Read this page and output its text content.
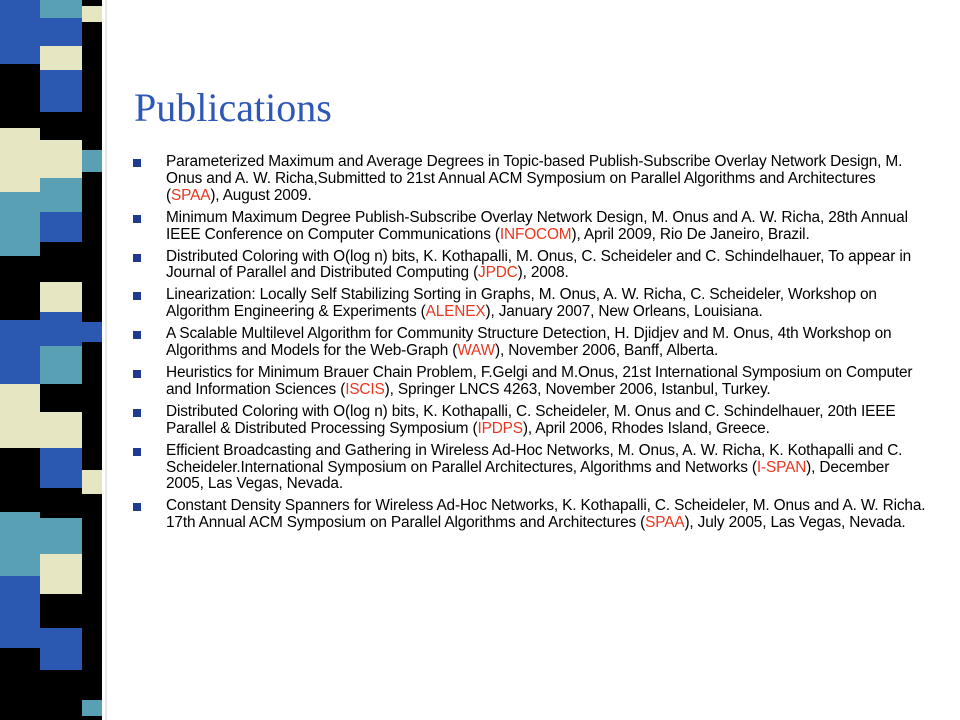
Publications
Parameterized Maximum and Average Degrees in Topic-based Publish-Subscribe Overlay Network Design, M. Onus and A. W. Richa,Submitted to 21st Annual ACM Symposium on Parallel Algorithms and Architectures (SPAA), August 2009.
Minimum Maximum Degree Publish-Subscribe Overlay Network Design, M. Onus and A. W. Richa, 28th Annual IEEE Conference on Computer Communications (INFOCOM), April 2009, Rio De Janeiro, Brazil.
Distributed Coloring with O(log n) bits, K. Kothapalli, M. Onus, C. Scheideler and C. Schindelhauer, To appear in Journal of Parallel and Distributed Computing (JPDC), 2008.
Linearization: Locally Self Stabilizing Sorting in Graphs, M. Onus, A. W. Richa, C. Scheideler, Workshop on Algorithm Engineering & Experiments (ALENEX), January 2007, New Orleans, Louisiana.
A Scalable Multilevel Algorithm for Community Structure Detection, H. Djidjev and M. Onus, 4th Workshop on Algorithms and Models for the Web-Graph (WAW), November 2006, Banff, Alberta.
Heuristics for Minimum Brauer Chain Problem, F.Gelgi and M.Onus, 21st International Symposium on Computer and Information Sciences (ISCIS), Springer LNCS 4263, November 2006, Istanbul, Turkey.
Distributed Coloring with O(log n) bits, K. Kothapalli, C. Scheideler, M. Onus and C. Schindelhauer, 20th IEEE Parallel & Distributed Processing Symposium (IPDPS), April 2006, Rhodes Island, Greece.
Efficient Broadcasting and Gathering in Wireless Ad-Hoc Networks, M. Onus, A. W. Richa, K. Kothapalli and C. Scheideler.International Symposium on Parallel Architectures, Algorithms and Networks (I-SPAN), December 2005, Las Vegas, Nevada.
Constant Density Spanners for Wireless Ad-Hoc Networks, K. Kothapalli, C. Scheideler, M. Onus and A. W. Richa. 17th Annual ACM Symposium on Parallel Algorithms and Architectures (SPAA), July 2005, Las Vegas, Nevada.
